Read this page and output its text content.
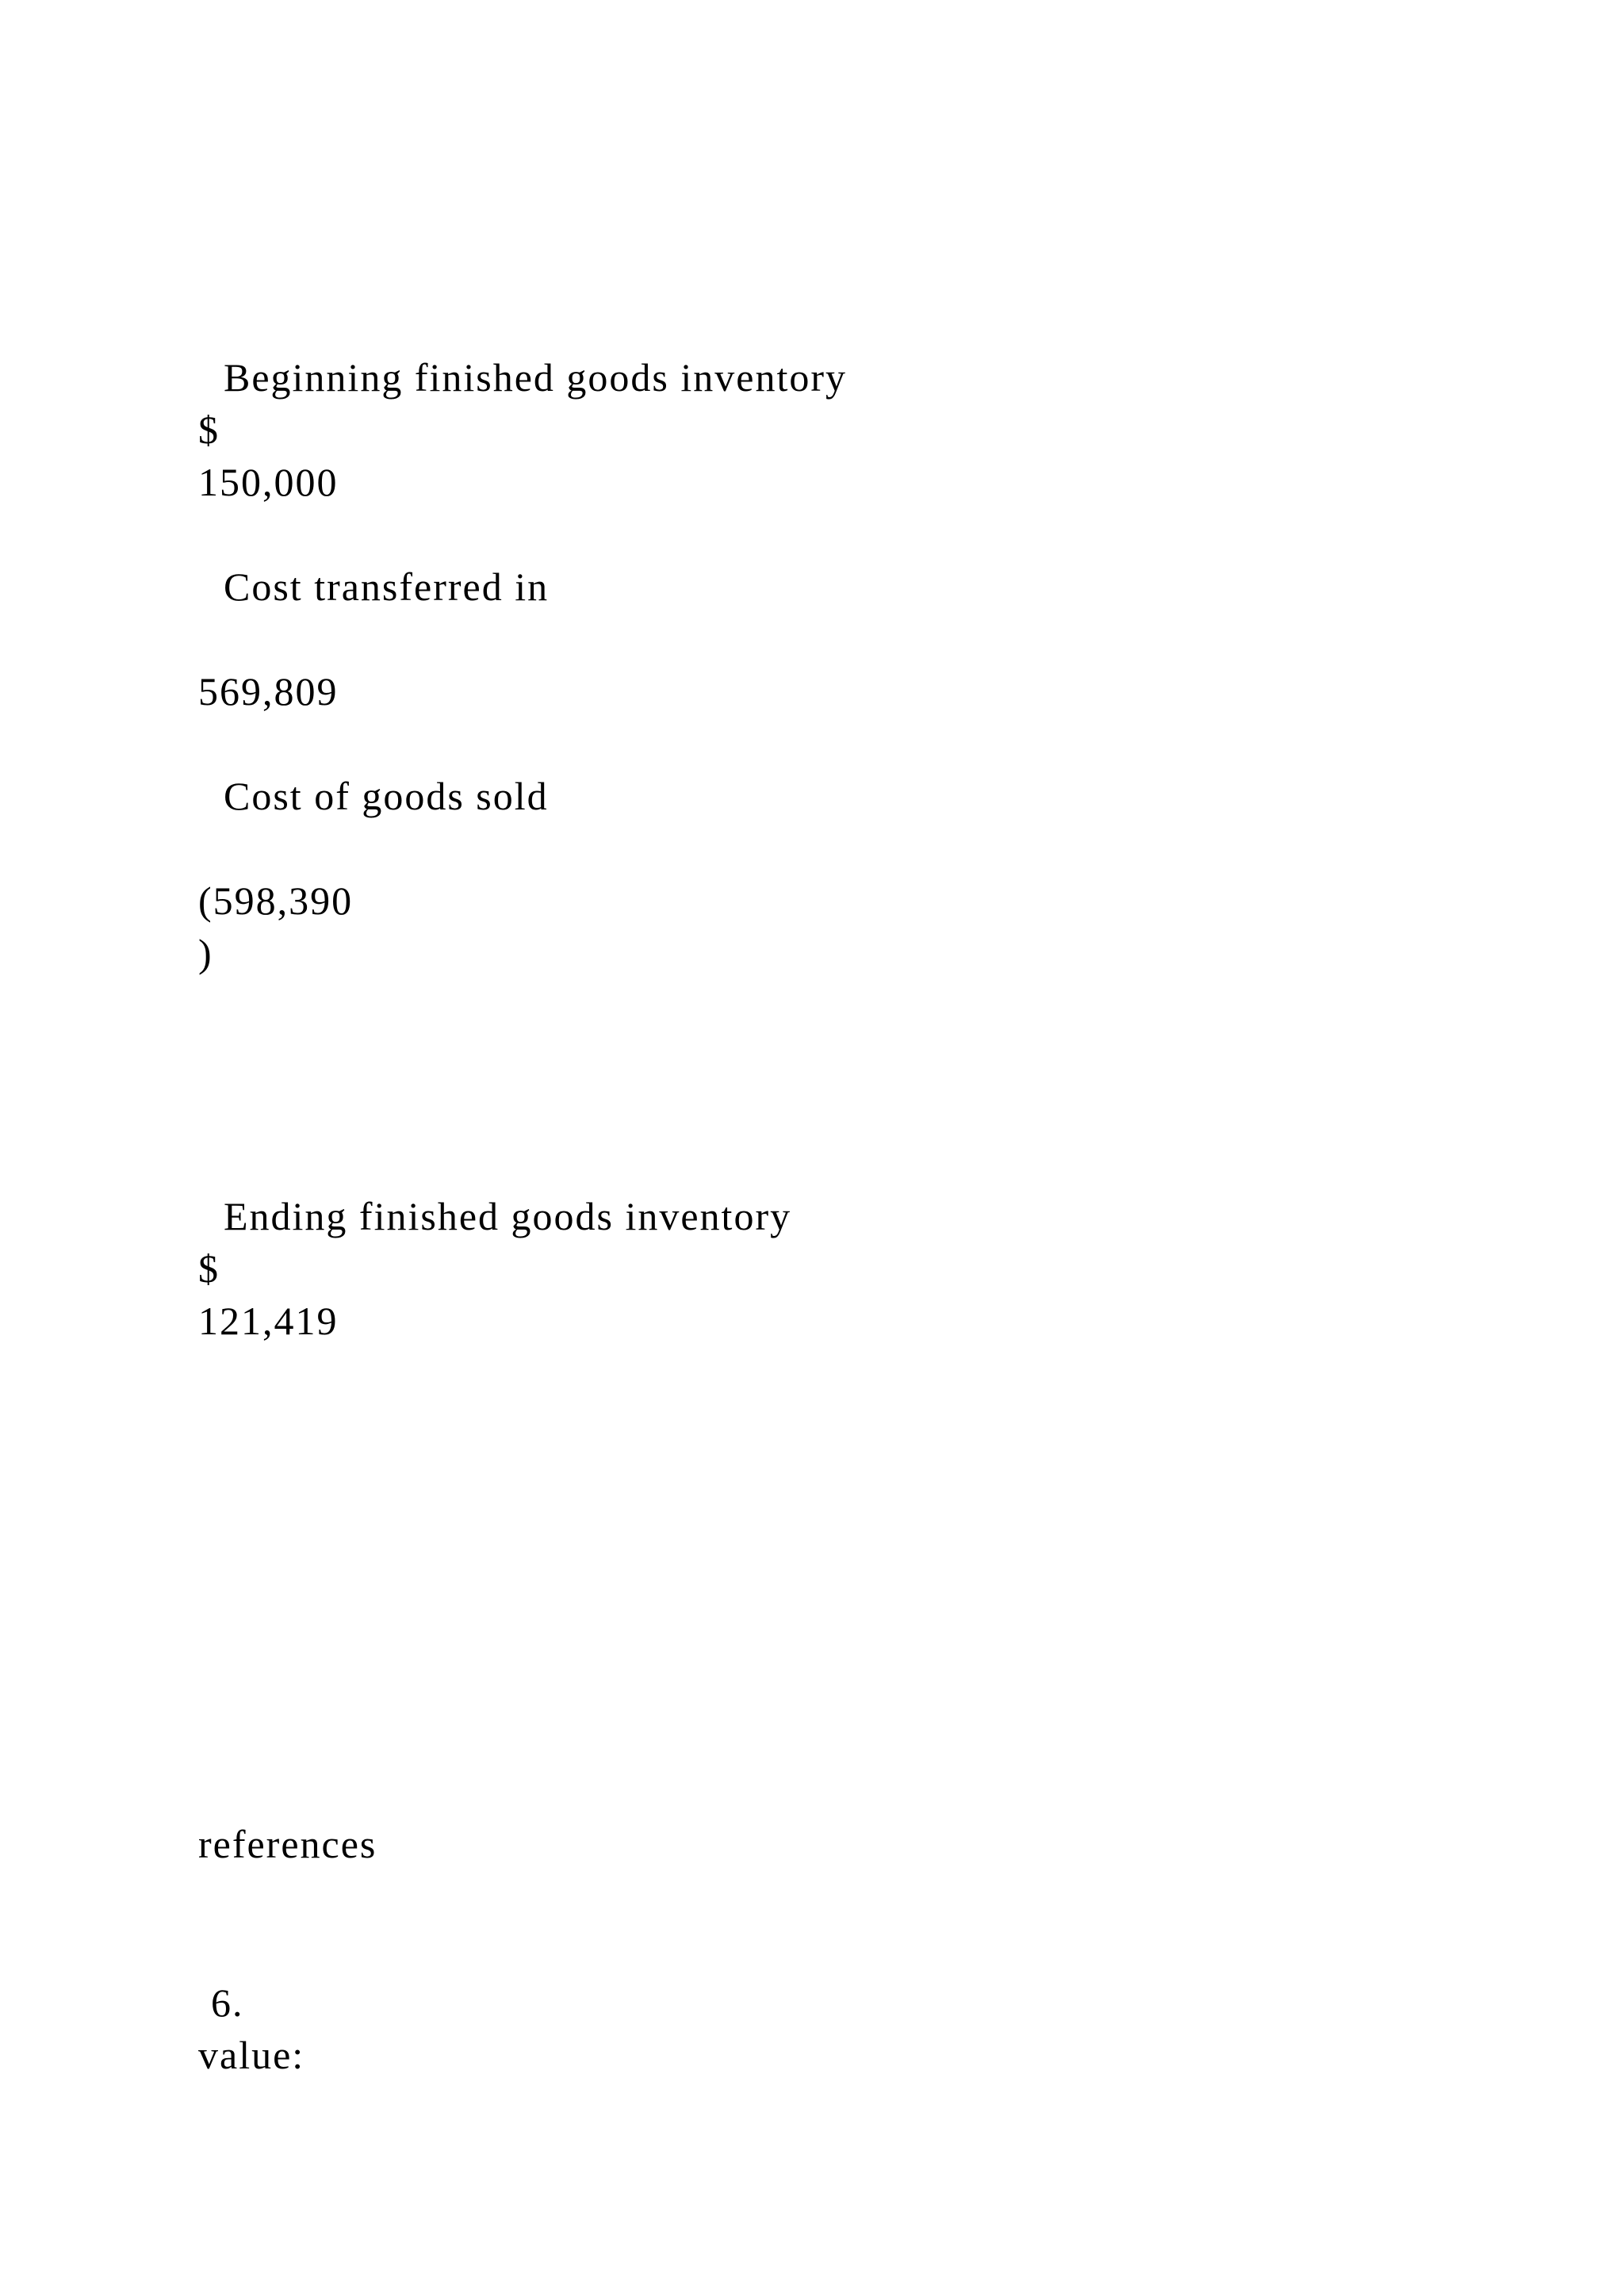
Beginning finished goods inventory
$
150,000
Cost transferred in
569,809
Cost of goods sold
(598,390
)
Ending finished goods inventory
$
121,419
references
6.
value:
